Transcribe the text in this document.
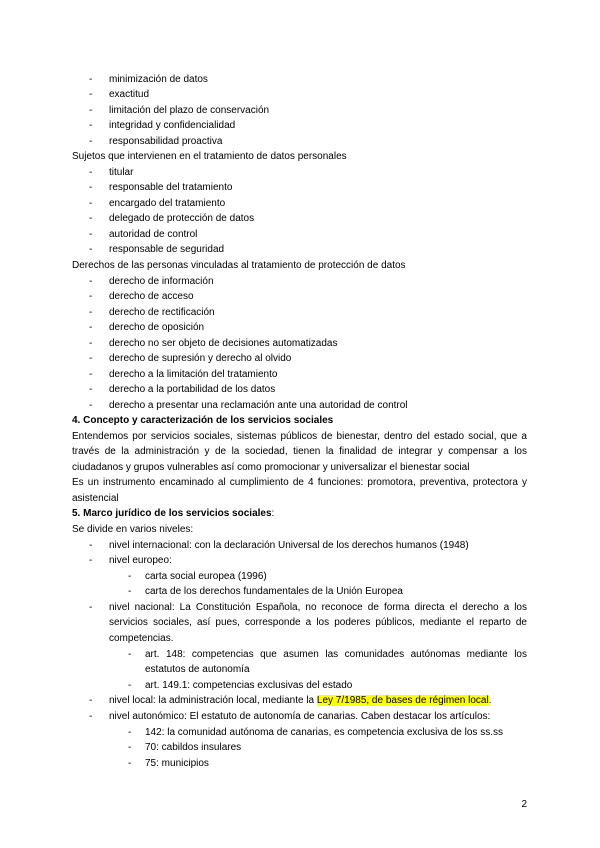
- minimización de datos
- exactitud
- limitación del plazo de conservación
- integridad y confidencialidad
- responsabilidad proactiva
Sujetos que intervienen en el tratamiento de datos personales
- titular
- responsable del tratamiento
- encargado del tratamiento
- delegado de protección de datos
- autoridad de control
- responsable de seguridad
Derechos de las personas vinculadas al tratamiento de protección de datos
- derecho de información
- derecho de acceso
- derecho de rectificación
- derecho de oposición
- derecho no ser objeto de decisiones automatizadas
- derecho de supresión y derecho al olvido
- derecho a la limitación del tratamiento
- derecho a la portabilidad de los datos
- derecho a presentar una reclamación ante una autoridad de control
4. Concepto y caracterización de los servicios sociales
Entendemos por servicios sociales, sistemas públicos de bienestar, dentro del estado social, que a
través de la administración y de la sociedad, tienen la finalidad de integrar y compensar a los
ciudadanos y grupos vulnerables así como promocionar y universalizar el bienestar social
Es un instrumento encaminado al cumplimiento de 4 funciones: promotora, preventiva, protectora y
asistencial
5. Marco jurídico de los servicios sociales:
Se divide en varios niveles:
- nivel internacional: con la declaración Universal de los derechos humanos (1948)
- nivel europeo:
- carta social europea (1996)
- carta de los derechos fundamentales de la Unión Europea
- nivel nacional: La Constitución Española, no reconoce de forma directa el derecho a los
servicios sociales, así pues, corresponde a los poderes públicos, mediante el reparto de
competencias.
- art. 148: competencias que asumen las comunidades autónomas mediante los
estatutos de autonomía
- art. 149.1: competencias exclusivas del estado
- nivel local: la administración local, mediante la Ley 7/1985, de bases de régimen local.
- nivel autonómico: El estatuto de autonomía de canarias. Caben destacar los artículos:
- 142: la comunidad autónoma de canarias, es competencia exclusiva de los ss.ss
- 70: cabildos insulares
- 75: municipios
2
